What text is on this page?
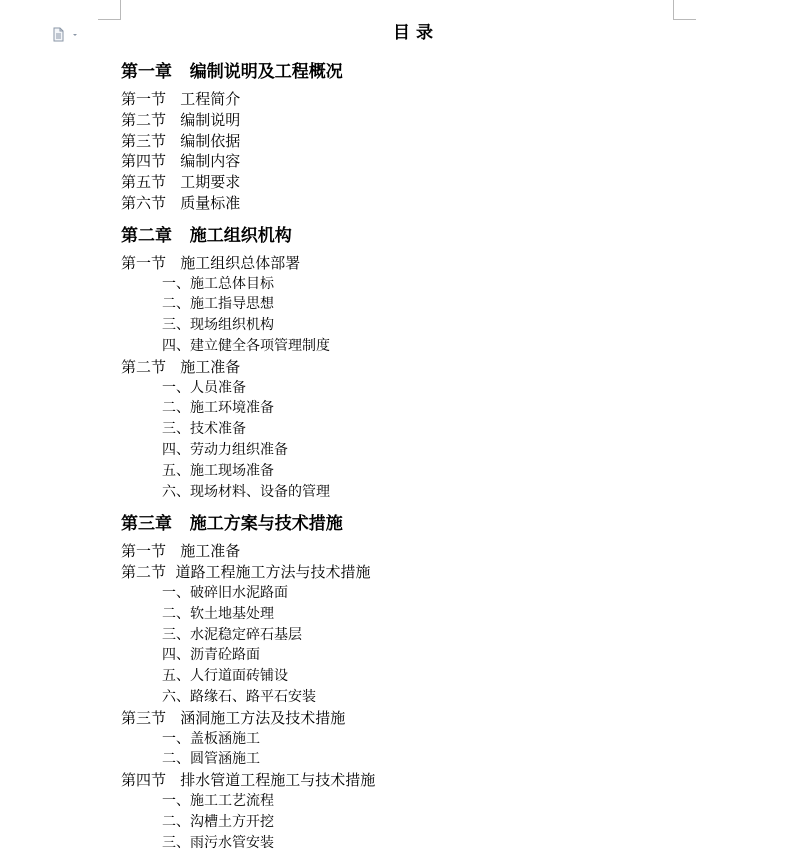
目 录
第一章   编制说明及工程概况
第一节   工程简介
第二节   编制说明
第三节   编制依据
第四节   编制内容
第五节   工期要求
第六节   质量标准
第二章   施工组织机构
第一节   施工组织总体部署
一、施工总体目标
二、施工指导思想
三、现场组织机构
四、建立健全各项管理制度
第二节   施工准备
一、人员准备
二、施工环境准备
三、技术准备
四、劳动力组织准备
五、施工现场准备
六、现场材料、设备的管理
第三章   施工方案与技术措施
第一节   施工准备
第二节  道路工程施工方法与技术措施
一、破碎旧水泥路面
二、软土地基处理
三、水泥稳定碎石基层
四、沥青砼路面
五、人行道面砖铺设
六、路缘石、路平石安装
第三节   涵洞施工方法及技术措施
一、盖板涵施工
二、圆管涵施工
第四节   排水管道工程施工与技术措施
一、施工工艺流程
二、沟槽土方开挖
三、雨污水管安装
